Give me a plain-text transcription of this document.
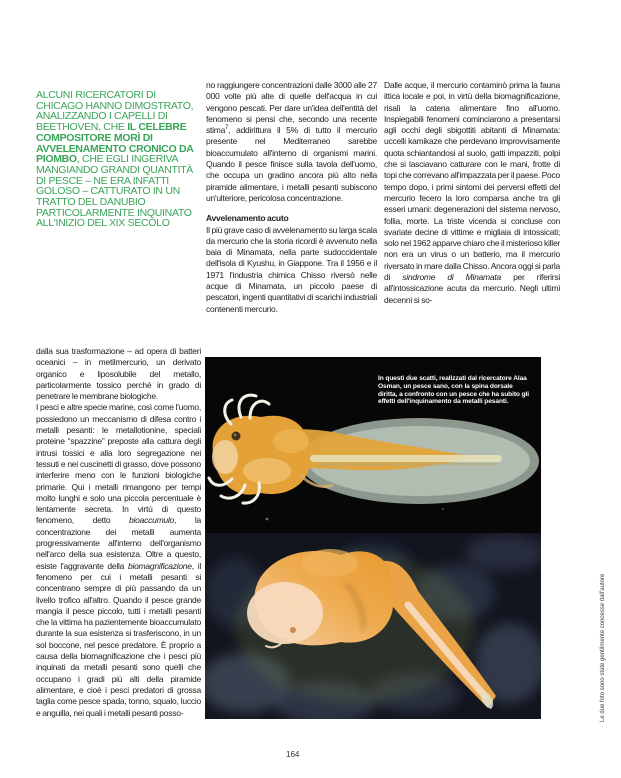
ALCUNI RICERCATORI DI CHICAGO HANNO DIMOSTRATO, ANALIZZANDO I CAPELLI DI BEETHOVEN, CHE IL CELEBRE COMPOSITORE MORÌ DI AVVELENAMENTO CRONICO DA PIOMBO, CHE EGLI INGERIVA MANGIANDO GRANDI QUANTITÀ DI PESCE – NE ERA INFATTI GOLOSO – CATTURATO IN UN TRATTO DEL DANUBIO PARTICOLARMENTE INQUINATO ALL'INIZIO DEL XIX SECOLO

dalla sua trasformazione – ad opera di batteri oceanici – in metilmercurio, un derivato organico e liposolubile del metallo, particolarmente tossico perché in grado di penetrare le membrane biologiche.

I pesci e altre specie marine, così come l'uomo, possiedono un meccanismo di difesa contro i metalli pesanti: le metallotionine, speciali proteine “spazzine” preposte alla cattura degli intrusi tossici e alla loro segregazione nei tessuti e nei cuscinetti di grasso, dove possono interferire meno con le funzioni biologiche primarie. Qui i metalli rimangono per tempi molto lunghi e solo una piccola percentuale è lentamente secreta. In virtù di questo fenomeno, detto bioaccumulo, la concentrazione dei metalli aumenta progressivamente all'interno dell'organismo nell'arco della sua esistenza. Oltre a questo, esiste l'aggravante della biomagnificazione, il fenomeno per cui i metalli pesanti si concentrano sempre di più passando da un livello trofico all'altro. Quando il pesce grande mangia il pesce piccolo, tutti i metalli pesanti che la vittima ha pazientemente bioaccumulato durante la sua esistenza si trasferiscono, in un sol boccone, nel pesce predatore. È proprio a causa della biomagnificazione che i pesci più inquinati da metalli pesanti sono quelli che occupano i gradi più alti della piramide alimentare, e cioè i pesci predatori di grossa taglia come pesce spada, tonno, squalo, luccio e anguilla, nei quali i metalli pesanti posso-

no raggiungere concentrazioni dalle 3000 alle 27 000 volte più alte di quelle dell'acqua in cui vengono pescati. Per dare un'idea dell'entità del fenomeno si pensi che, secondo una recente stima$^7$, addirittura il 5% di tutto il mercurio presente nel Mediterraneo sarebbe bioaccumulato all'interno di organismi marini. Quando il pesce finisce sulla tavola dell'uomo, che occupa un gradino ancora più alto nella piramide alimentare, i metalli pesanti subiscono un'ulteriore, pericolosa concentrazione.

Avvelenamento acuto

Il più grave caso di avvelenamento su larga scala da mercurio che la storia ricordi è avvenuto nella baia di Minamata, nella parte sudoccidentale dell'isola di Kyushu, in Giappone. Tra il 1956 e il 1971 l'industria chimica Chisso riversò nelle acque di Minamata, un piccolo paese di pescatori, ingenti quantitativi di scarichi industriali contenenti mercurio.

Dalle acque, il mercurio contaminò prima la fauna ittica locale e poi, in virtù della biomagnificazione, risalì la catena alimentare fino all'uomo. Inspiegabili fenomeni cominciarono a presentarsi agli occhi degli sbigottiti abitanti di Minamata: uccelli kamikaze che perdevano improvvisamente quota schiantandosi al suolo, gatti impazziti, polpi che si lasciavano catturare con le mani, frotte di topi che correvano all'impazzata per il paese. Poco tempo dopo, i primi sintomi dei perversi effetti del mercurio fecero la loro comparsa anche tra gli esseri umani: degenerazioni del sistema nervoso, follia, morte. La triste vicenda si concluse con svariate decine di vittime e migliaia di intossicati; solo nel 1962 apparve chiaro che il misterioso killer non era un virus o un batterio, ma il mercurio riversato in mare dalla Chisso. Ancora oggi si parla di sindrome di Minamata per riferirsi all'intossicazione acuta da mercurio. Negli ultimi decenni si so-

In questi due scatti, realizzati dal ricercatore Alaa Osman, un pesce sano, con la spina dorsale diritta, a confronto con un pesce che ha subito gli effetti dell'inquinamento da metalli pesanti.
Le due foto sono state gentilmente concesse dall'autore
164
